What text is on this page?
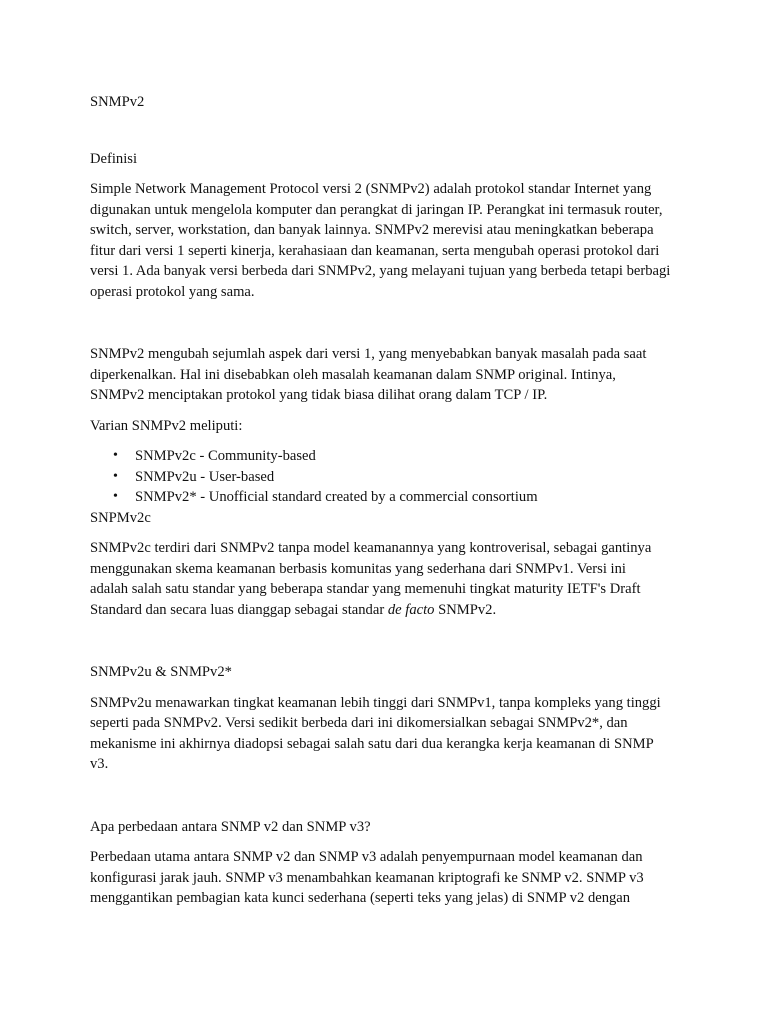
SNMPv2

Definisi

Simple Network Management Protocol versi 2 (SNMPv2) adalah protokol standar Internet yang
digunakan untuk mengelola komputer dan perangkat di jaringan IP. Perangkat ini termasuk router,
switch, server, workstation, dan banyak lainnya. SNMPv2 merevisi atau meningkatkan beberapa
fitur dari versi 1 seperti kinerja, kerahasiaan dan keamanan, serta mengubah operasi protokol dari
versi 1. Ada banyak versi berbeda dari SNMPv2, yang melayani tujuan yang berbeda tetapi berbagi
operasi protokol yang sama.

SNMPv2 mengubah sejumlah aspek dari versi 1, yang menyebabkan banyak masalah pada saat
diperkenalkan. Hal ini disebabkan oleh masalah keamanan dalam SNMP original. Intinya,
SNMPv2 menciptakan protokol yang tidak biasa dilihat orang dalam TCP / IP.

Varian SNMPv2 meliputi:

• SNMPv2c - Community-based
• SNMPv2u - User-based
• SNMPv2* - Unofficial standard created by a commercial consortium

SNPMv2c

SNMPv2c terdiri dari SNMPv2 tanpa model keamanannya yang kontroverisal, sebagai gantinya
menggunakan skema keamanan berbasis komunitas yang sederhana dari SNMPv1. Versi ini
adalah salah satu standar yang beberapa standar yang memenuhi tingkat maturity IETF's Draft
Standard dan secara luas dianggap sebagai standar de facto SNMPv2.

SNMPv2u & SNMPv2*

SNMPv2u menawarkan tingkat keamanan lebih tinggi dari SNMPv1, tanpa kompleks yang tinggi
seperti pada SNMPv2. Versi sedikit berbeda dari ini dikomersialkan sebagai SNMPv2*, dan
mekanisme ini akhirnya diadopsi sebagai salah satu dari dua kerangka kerja keamanan di SNMP
v3.

Apa perbedaan antara SNMP v2 dan SNMP v3?

Perbedaan utama antara SNMP v2 dan SNMP v3 adalah penyempurnaan model keamanan dan
konfigurasi jarak jauh. SNMP v3 menambahkan keamanan kriptografi ke SNMP v2. SNMP v3
menggantikan pembagian kata kunci sederhana (seperti teks yang jelas) di SNMP v2 dengan
